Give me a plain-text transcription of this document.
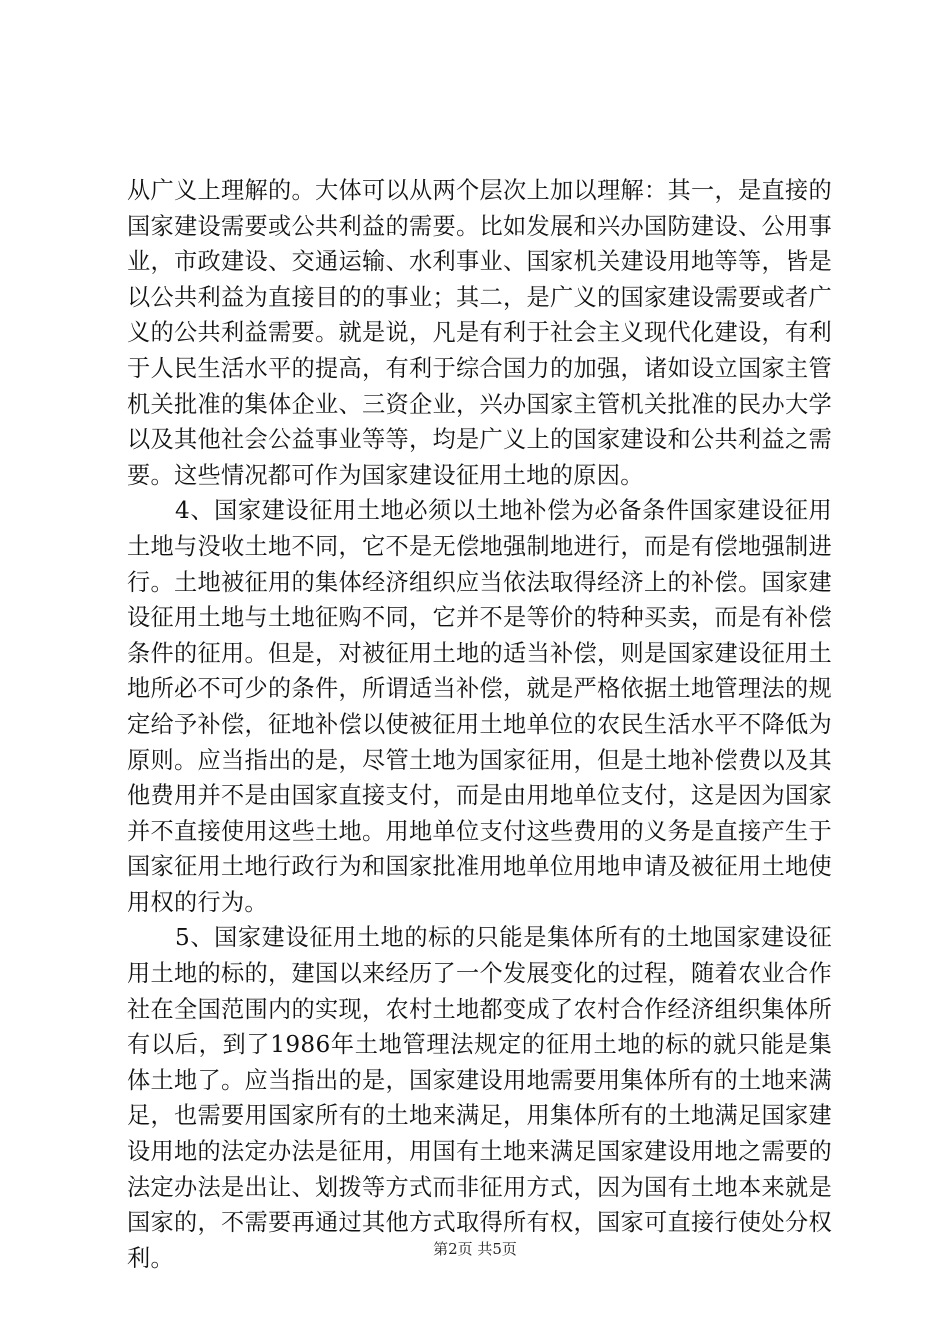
从广义上理解的。大体可以从两个层次上加以理解：其一，是直接的国家建设需要或公共利益的需要。比如发展和兴办国防建设、公用事业，市政建设、交通运输、水利事业、国家机关建设用地等等，皆是以公共利益为直接目的的事业；其二，是广义的国家建设需要或者广义的公共利益需要。就是说，凡是有利于社会主义现代化建设，有利于人民生活水平的提高，有利于综合国力的加强，诸如设立国家主管机关批准的集体企业、三资企业，兴办国家主管机关批准的民办大学以及其他社会公益事业等等，均是广义上的国家建设和公共利益之需要。这些情况都可作为国家建设征用土地的原因。

4、国家建设征用土地必须以土地补偿为必备条件国家建设征用土地与没收土地不同，它不是无偿地强制地进行，而是有偿地强制进行。土地被征用的集体经济组织应当依法取得经济上的补偿。国家建设征用土地与土地征购不同，它并不是等价的特种买卖，而是有补偿条件的征用。但是，对被征用土地的适当补偿，则是国家建设征用土地所必不可少的条件，所谓适当补偿，就是严格依据土地管理法的规定给予补偿，征地补偿以使被征用土地单位的农民生活水平不降低为原则。应当指出的是，尽管土地为国家征用，但是土地补偿费以及其他费用并不是由国家直接支付，而是由用地单位支付，这是因为国家并不直接使用这些土地。用地单位支付这些费用的义务是直接产生于国家征用土地行政行为和国家批准用地单位用地申请及被征用土地使用权的行为。

5、国家建设征用土地的标的只能是集体所有的土地国家建设征用土地的标的，建国以来经历了一个发展变化的过程，随着农业合作社在全国范围内的实现，农村土地都变成了农村合作经济组织集体所有以后，到了1986年土地管理法规定的征用土地的标的就只能是集体土地了。应当指出的是，国家建设用地需要用集体所有的土地来满足，也需要用国家所有的土地来满足，用集体所有的土地满足国家建设用地的法定办法是征用，用国有土地来满足国家建设用地之需要的法定办法是出让、划拨等方式而非征用方式，因为国有土地本来就是国家的，不需要再通过其他方式取得所有权，国家可直接行使处分权利。	第2页 共5页
